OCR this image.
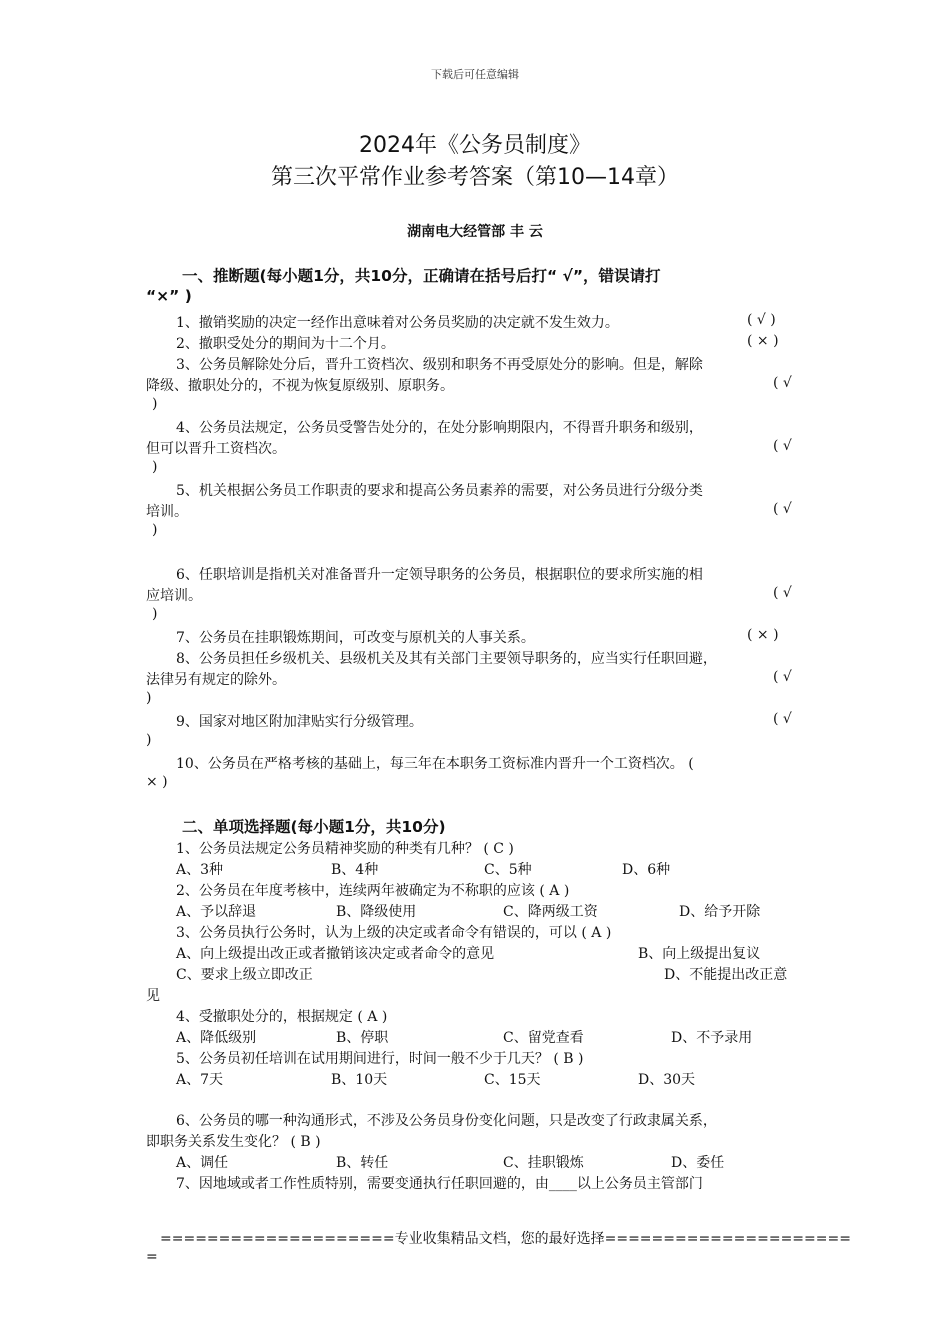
下载后可任意编辑
2024年《公务员制度》
第三次平常作业参考答案（第10—14章）
湖南电大经管部 丰 云
一、推断题(每小题1分，共10分，正确请在括号后打“ √”，错误请打
“×” )
1、撤销奖励的决定一经作出意味着对公务员奖励的决定就不发生效力。	( √ )
2、撤职受处分的期间为十二个月。	( × )
3、公务员解除处分后，晋升工资档次、级别和职务不再受原处分的影响。但是，解除
降级、撤职处分的，不视为恢复原级别、原职务。	( √
)
4、公务员法规定，公务员受警告处分的，在处分影响期限内，不得晋升职务和级别，
但可以晋升工资档次。	( √
)
5、机关根据公务员工作职责的要求和提高公务员素养的需要，对公务员进行分级分类
培训。	( √
)
6、任职培训是指机关对准备晋升一定领导职务的公务员，根据职位的要求所实施的相
应培训。	( √
)
7、公务员在挂职锻炼期间，可改变与原机关的人事关系。	( × )
8、公务员担任乡级机关、县级机关及其有关部门主要领导职务的，应当实行任职回避，
法律另有规定的除外。	( √
)
9、国家对地区附加津贴实行分级管理。	( √
)
10、公务员在严格考核的基础上，每三年在本职务工资标准内晋升一个工资档次。 (
× )
二、单项选择题(每小题1分，共10分)
1、公务员法规定公务员精神奖励的种类有几种？ ( C )
A、3种	B、4种	C、5种	D、6种
2、公务员在年度考核中，连续两年被确定为不称职的应该 ( A )
A、予以辞退	B、降级使用	C、降两级工资	D、给予开除
3、公务员执行公务时，认为上级的决定或者命令有错误的，可以 ( A )
A、向上级提出改正或者撤销该决定或者命令的意见	B、向上级提出复议
C、要求上级立即改正	D、不能提出改正意
见
4、受撤职处分的，根据规定 ( A )
A、降低级别	B、停职	C、留党查看	D、不予录用
5、公务员初任培训在试用期间进行，时间一般不少于几天？ ( B )
A、7天	B、10天	C、15天	D、30天
6、公务员的哪一种沟通形式，不涉及公务员身份变化问题，只是改变了行政隶属关系，
即职务关系发生变化？ ( B )
A、调任	B、转任	C、挂职锻炼	D、委任
7、因地域或者工作性质特别，需要变通执行任职回避的，由____以上公务员主管部门
====================专业收集精品文档，您的最好选择=====================
=
